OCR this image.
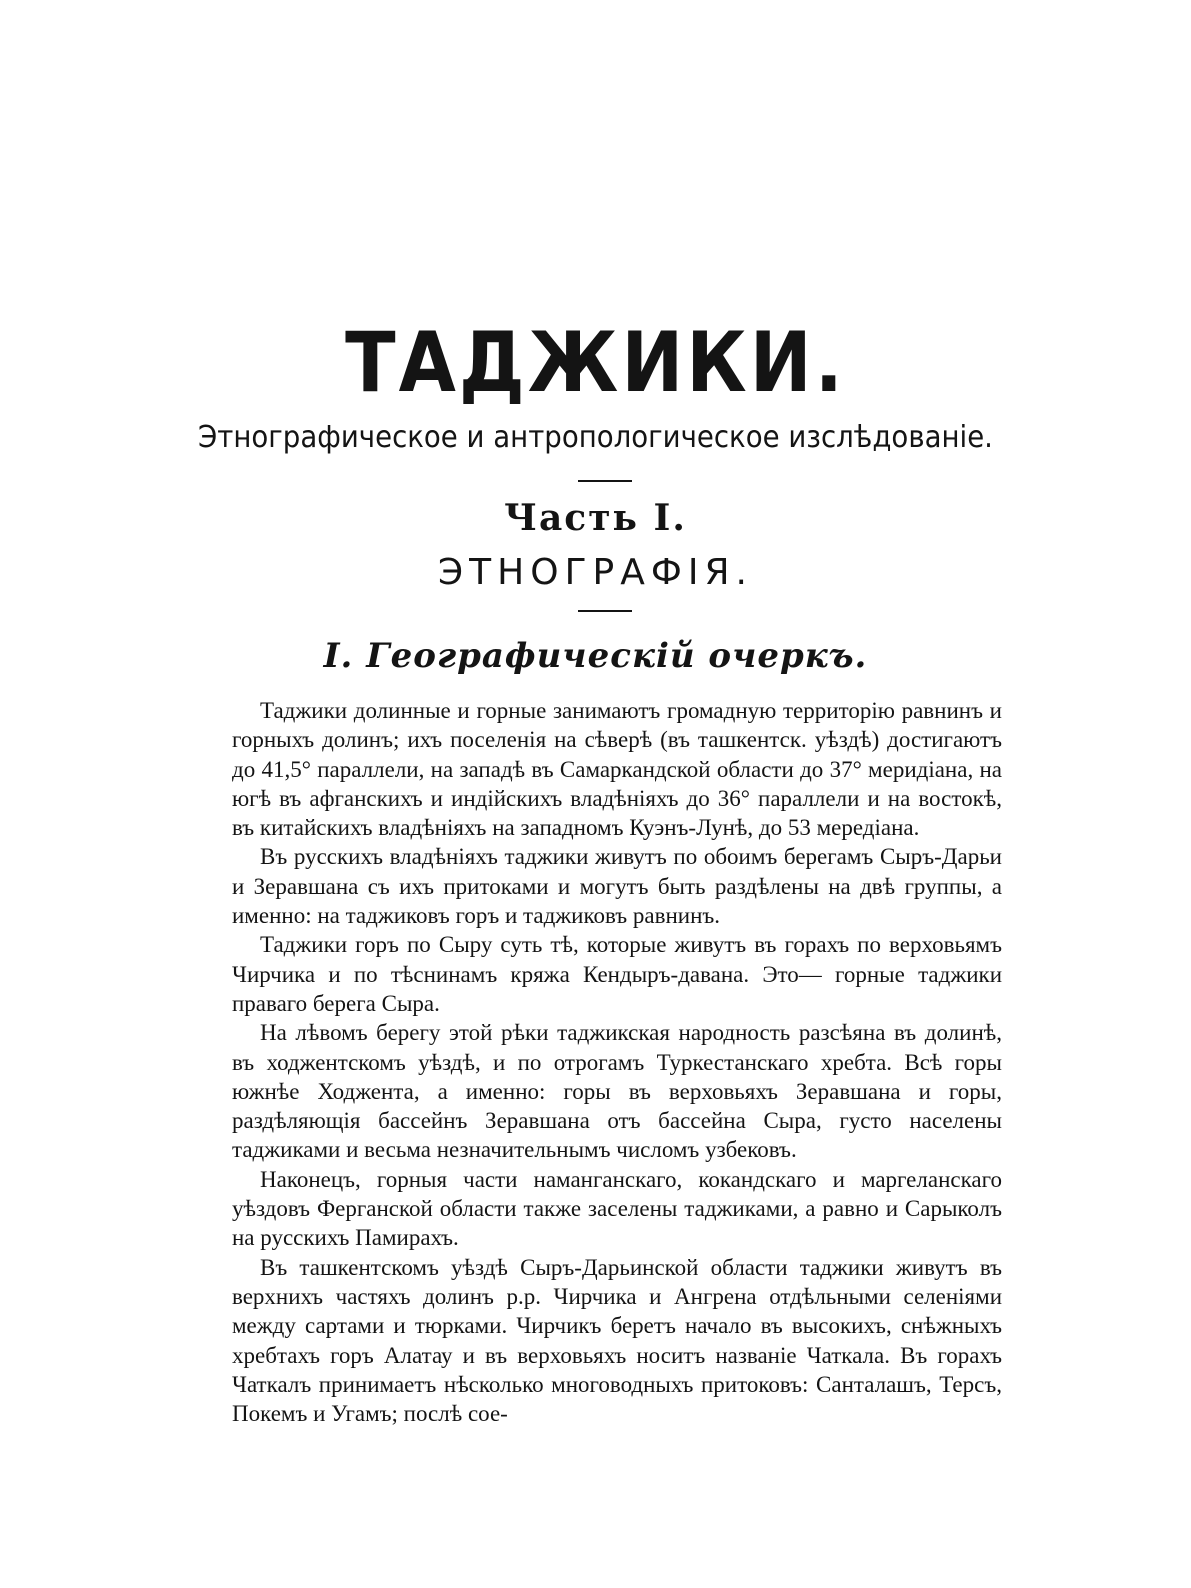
ТАДЖИКИ.
Этнографическое и антропологическое изслѣдованіе.
Часть I.
ЭТНОГРАФІЯ.
I. Географическій очеркъ.

Таджики долинные и горные занимаютъ громадную территорію равнинъ и горныхъ долинъ; ихъ поселенія на сѣверѣ (въ ташкентск. уѣздѣ) достигаютъ до 41,5° параллели, на западѣ въ Самаркандской области до 37° меридіана, на югѣ въ афганскихъ и индійскихъ владѣніяхъ до 36° параллели и на востокѣ, въ китайскихъ владѣніяхъ на западномъ Куэнъ-Лунѣ, до 53 мередіана.

Въ русскихъ владѣніяхъ таджики живутъ по обоимъ берегамъ Сыръ-Дарьи и Зеравшана съ ихъ притоками и могутъ быть раздѣлены на двѣ группы, а именно: на таджиковъ горъ и таджиковъ равнинъ.

Таджики горъ по Сыру суть тѣ, которые живутъ въ горахъ по верховьямъ Чирчика и по тѣснинамъ кряжа Кендыръ-давана. Это— горные таджики праваго берега Сыра.

На лѣвомъ берегу этой рѣки таджикская народность разсѣяна въ долинѣ, въ ходжентскомъ уѣздѣ, и по отрогамъ Туркестанскаго хребта. Всѣ горы южнѣе Ходжента, а именно: горы въ верховьяхъ Зеравшана и горы, раздѣляющія бассейнъ Зеравшана отъ бассейна Сыра, густо населены таджиками и весьма незначительнымъ числомъ узбековъ.

Наконецъ, горныя части наманганскаго, кокандскаго и маргеланскаго уѣздовъ Ферганской области также заселены таджиками, а равно и Сарыколъ на русскихъ Памирахъ.

Въ ташкентскомъ уѣздѣ Сыръ-Дарьинской области таджики живутъ въ верхнихъ частяхъ долинъ р.р. Чирчика и Ангрена отдѣльными селеніями между сартами и тюрками. Чирчикъ беретъ начало въ высокихъ, снѣжныхъ хребтахъ горъ Алатау и въ верховьяхъ носитъ названіе Чаткала. Въ горахъ Чаткалъ принимаетъ нѣсколько многоводныхъ притоковъ: Санталашъ, Терсъ, Покемъ и Угамъ; послѣ сое-
